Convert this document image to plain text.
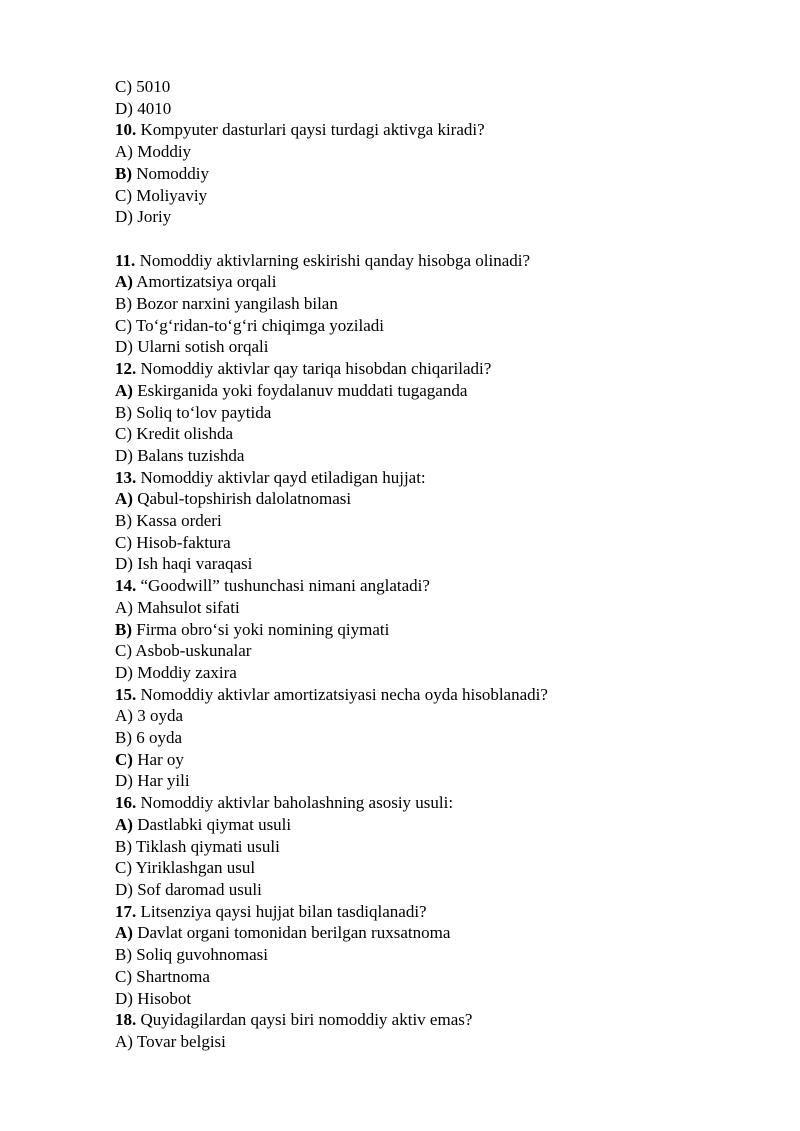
C) 5010

D) 4010

10. Kompyuter dasturlari qaysi turdagi aktivga kiradi?

A) Moddiy

B) Nomoddiy

C) Moliyaviy

D) Joriy

11. Nomoddiy aktivlarning eskirishi qanday hisobga olinadi?

A) Amortizatsiya orqali

B) Bozor narxini yangilash bilan

C) To‘g‘ridan-to‘g‘ri chiqimga yoziladi

D) Ularni sotish orqali

12. Nomoddiy aktivlar qay tariqa hisobdan chiqariladi?

A) Eskirganida yoki foydalanuv muddati tugaganda

B) Soliq to‘lov paytida

C) Kredit olishda

D) Balans tuzishda

13. Nomoddiy aktivlar qayd etiladigan hujjat:

A) Qabul-topshirish dalolatnomasi

B) Kassa orderi

C) Hisob-faktura

D) Ish haqi varaqasi

14. “Goodwill” tushunchasi nimani anglatadi?

A) Mahsulot sifati

B) Firma obro‘si yoki nomining qiymati

C) Asbob-uskunalar

D) Moddiy zaxira

15. Nomoddiy aktivlar amortizatsiyasi necha oyda hisoblanadi?

A) 3 oyda

B) 6 oyda

C) Har oy

D) Har yili

16. Nomoddiy aktivlar baholashning asosiy usuli:

A) Dastlabki qiymat usuli

B) Tiklash qiymati usuli

C) Yiriklashgan usul

D) Sof daromad usuli

17. Litsenziya qaysi hujjat bilan tasdiqlanadi?

A) Davlat organi tomonidan berilgan ruxsatnoma

B) Soliq guvohnomasi

C) Shartnoma

D) Hisobot

18. Quyidagilardan qaysi biri nomoddiy aktiv emas?

A) Tovar belgisi
